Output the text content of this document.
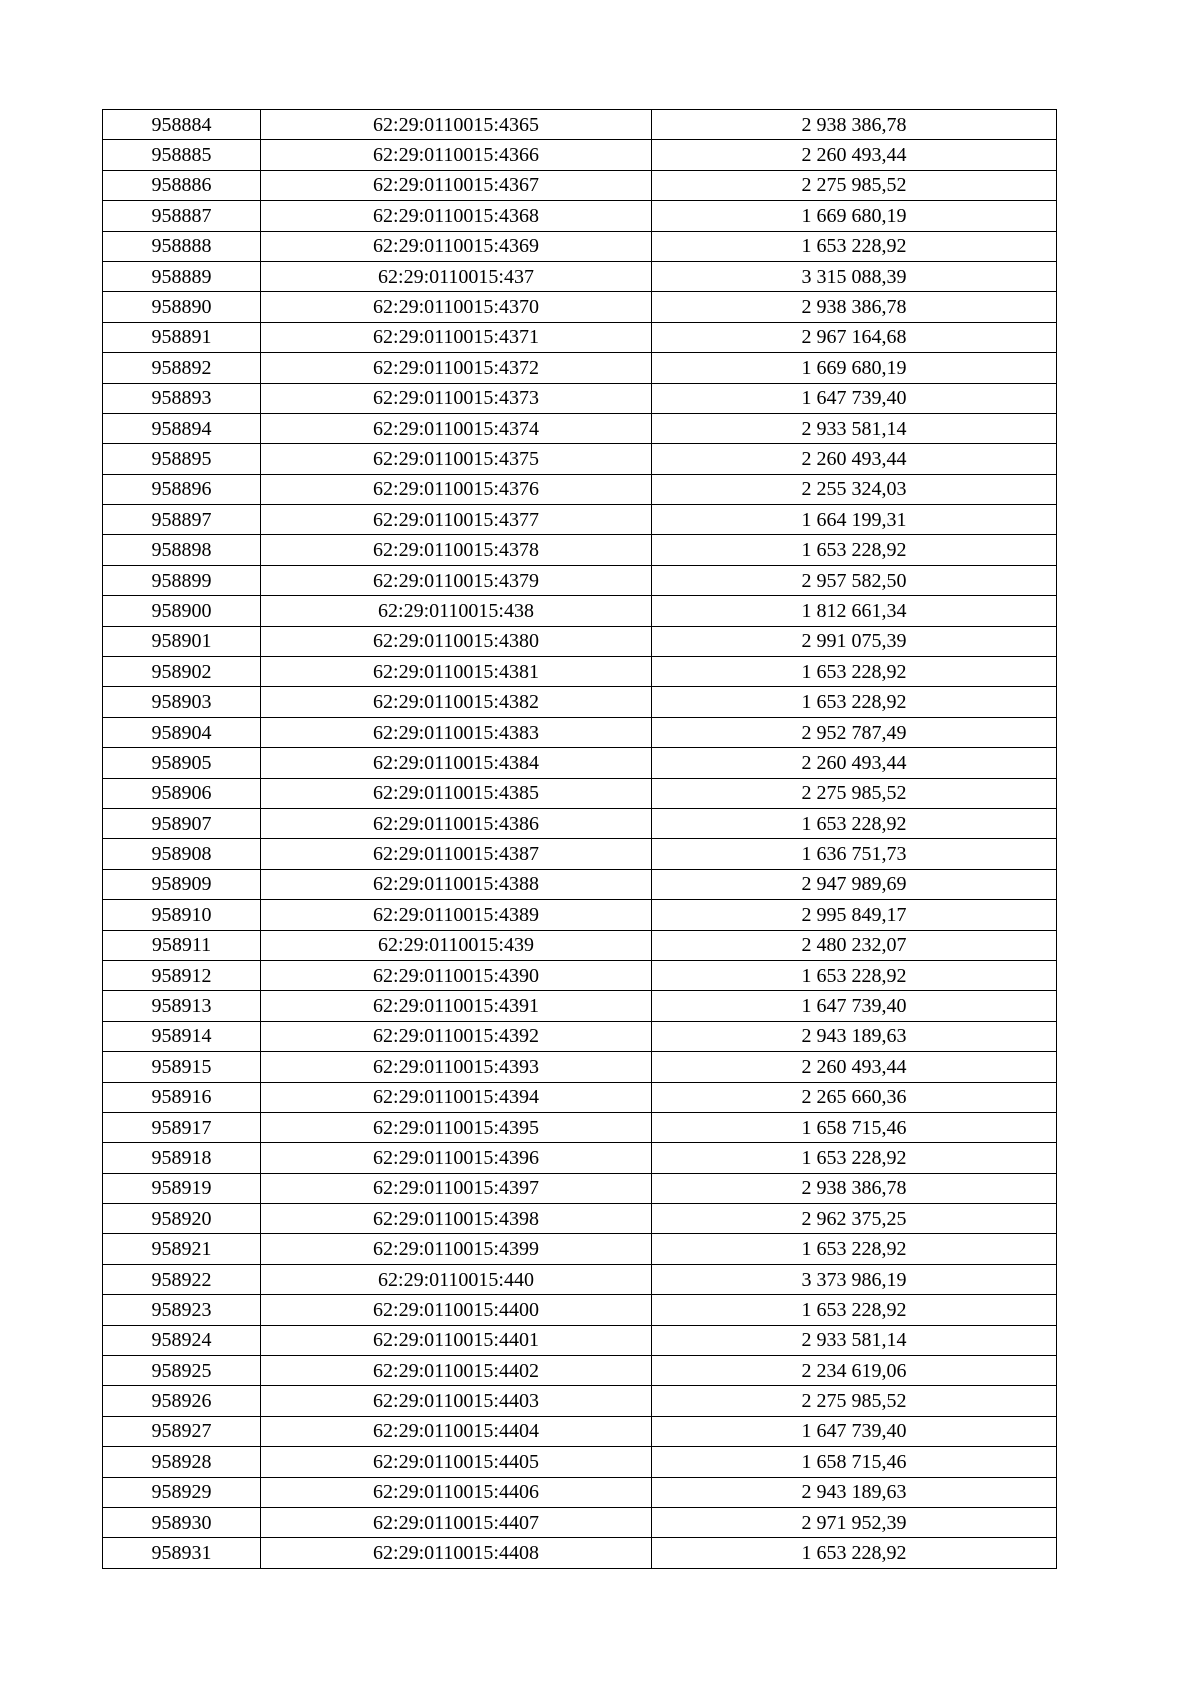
958884	62:29:0110015:4365	2 938 386,78
958885	62:29:0110015:4366	2 260 493,44
958886	62:29:0110015:4367	2 275 985,52
958887	62:29:0110015:4368	1 669 680,19
958888	62:29:0110015:4369	1 653 228,92
958889	62:29:0110015:437	3 315 088,39
958890	62:29:0110015:4370	2 938 386,78
958891	62:29:0110015:4371	2 967 164,68
958892	62:29:0110015:4372	1 669 680,19
958893	62:29:0110015:4373	1 647 739,40
958894	62:29:0110015:4374	2 933 581,14
958895	62:29:0110015:4375	2 260 493,44
958896	62:29:0110015:4376	2 255 324,03
958897	62:29:0110015:4377	1 664 199,31
958898	62:29:0110015:4378	1 653 228,92
958899	62:29:0110015:4379	2 957 582,50
958900	62:29:0110015:438	1 812 661,34
958901	62:29:0110015:4380	2 991 075,39
958902	62:29:0110015:4381	1 653 228,92
958903	62:29:0110015:4382	1 653 228,92
958904	62:29:0110015:4383	2 952 787,49
958905	62:29:0110015:4384	2 260 493,44
958906	62:29:0110015:4385	2 275 985,52
958907	62:29:0110015:4386	1 653 228,92
958908	62:29:0110015:4387	1 636 751,73
958909	62:29:0110015:4388	2 947 989,69
958910	62:29:0110015:4389	2 995 849,17
958911	62:29:0110015:439	2 480 232,07
958912	62:29:0110015:4390	1 653 228,92
958913	62:29:0110015:4391	1 647 739,40
958914	62:29:0110015:4392	2 943 189,63
958915	62:29:0110015:4393	2 260 493,44
958916	62:29:0110015:4394	2 265 660,36
958917	62:29:0110015:4395	1 658 715,46
958918	62:29:0110015:4396	1 653 228,92
958919	62:29:0110015:4397	2 938 386,78
958920	62:29:0110015:4398	2 962 375,25
958921	62:29:0110015:4399	1 653 228,92
958922	62:29:0110015:440	3 373 986,19
958923	62:29:0110015:4400	1 653 228,92
958924	62:29:0110015:4401	2 933 581,14
958925	62:29:0110015:4402	2 234 619,06
958926	62:29:0110015:4403	2 275 985,52
958927	62:29:0110015:4404	1 647 739,40
958928	62:29:0110015:4405	1 658 715,46
958929	62:29:0110015:4406	2 943 189,63
958930	62:29:0110015:4407	2 971 952,39
958931	62:29:0110015:4408	1 653 228,92
